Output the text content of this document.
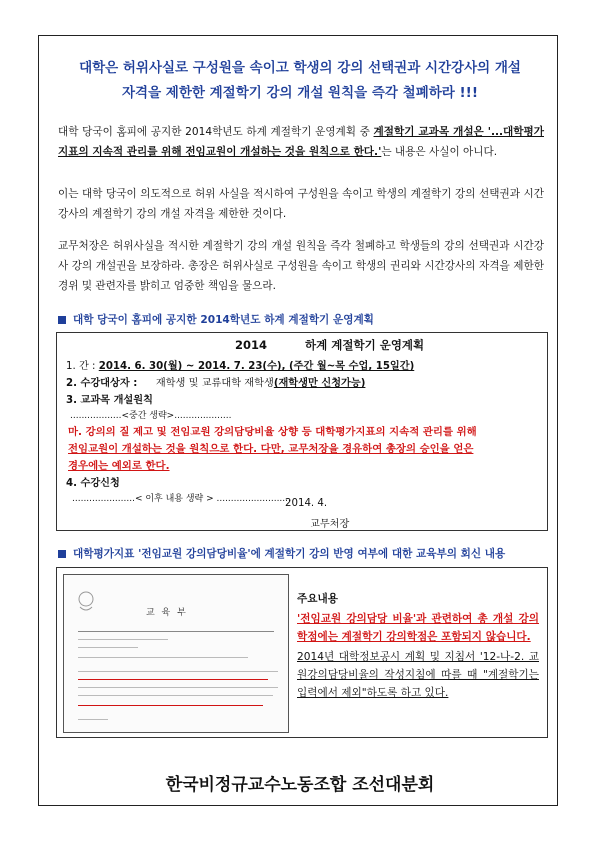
대학은 허위사실로 구성원을 속이고 학생의 강의 선택권과 시간강사의 개설
자격을 제한한 계절학기 강의 개설 원칙을 즉각 철폐하라 !!!
대학 당국이 홈피에 공지한 2014학년도 하계 계절학기 운영계획 중 계절학기 교과목 개설은 '...대학평가지표의 지속적 관리를 위해 전임교원이 개설하는 것을 원칙으로 한다.'는 내용은 사실이 아니다.
이는 대학 당국이 의도적으로 허위 사실을 적시하여 구성원을 속이고 학생의 계절학기 강의 선택권과 시간강사의 계절학기 강의 개설 자격을 제한한 것이다.
교무처장은 허위사실을 적시한 계절학기 강의 개설 원칙을 즉각 철폐하고 학생들의 강의 선택권과 시간강사 강의 개설권을 보장하라. 총장은 허위사실로 구성원을 속이고 학생의 권리와 시간강사의 자격을 제한한 경위 및 관련자를 밝히고 엄중한 책임을 물으라.
대학 당국이 홈피에 공지한 2014학년도 하계 계절학기 운영계획
2014	하계 계절학기 운영계획
1. 간 : 2014. 6. 30(월) ~ 2014. 7. 23(수), (주간 월~목 수업, 15일간)
2. 수강대상자 : 재학생 및 교류대학 재학생(재학생만 신청가능)
3. 교과목 개설원칙
..................<중간 생략>....................
마. 강의의 질 제고 및 전임교원 강의담당비율 상향 등 대학평가지표의 지속적 관리를 위해
전임교원이 개설하는 것을 원칙으로 한다. 다만, 교무처장을 경유하여 총장의 승인을 얻은
경우에는 예외로 한다.
4. 수강신청
......................< 이후 내용 생략 > ..........................
2014. 4.
교무처장
대학평가지표 '전임교원 강의담당비율'에 계절학기 강의 반영 여부에 대한 교육부의 회신 내용
교 육 부
주요내용
'전임교원 강의담당 비율'과 관련하여 총 개설 강의 학점에는 계절학기 강의학점은 포함되지 않습니다.
2014년 대학정보공시 계획 및 지침서 '12-나-2. 교원강의담당비율의 작성지침에 따를 때 "계절학기는 입력에서 제외"하도록 하고 있다.
한국비정규교수노동조합 조선대분회
